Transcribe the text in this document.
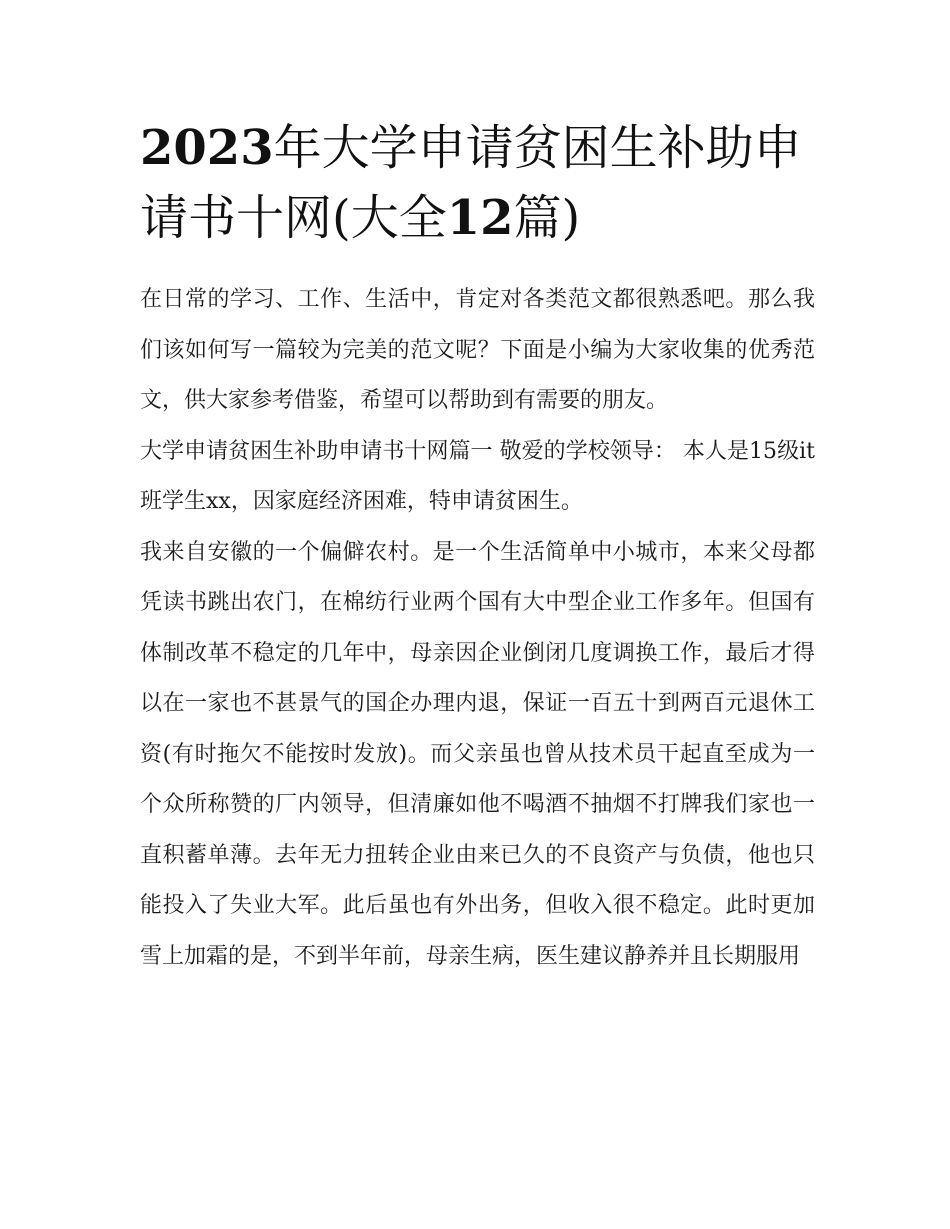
2023年大学申请贫困生补助申请书十网(大全12篇)

在日常的学习、工作、生活中，肯定对各类范文都很熟悉吧。那么我们该如何写一篇较为完美的范文呢？下面是小编为大家收集的优秀范文，供大家参考借鉴，希望可以帮助到有需要的朋友。

大学申请贫困生补助申请书十网篇一 敬爱的学校领导： 本人是15级it班学生xx，因家庭经济困难，特申请贫困生。

我来自安徽的一个偏僻农村。是一个生活简单中小城市，本来父母都凭读书跳出农门，在棉纺行业两个国有大中型企业工作多年。但国有体制改革不稳定的几年中，母亲因企业倒闭几度调换工作，最后才得以在一家也不甚景气的国企办理内退，保证一百五十到两百元退休工资(有时拖欠不能按时发放)。而父亲虽也曾从技术员干起直至成为一个众所称赞的厂内领导，但清廉如他不喝酒不抽烟不打牌我们家也一直积蓄单薄。去年无力扭转企业由来已久的不良资产与负债，他也只能投入了失业大军。此后虽也有外出务，但收入很不稳定。此时更加雪上加霜的是，不到半年前，母亲生病，医生建议静养并且长期服用
